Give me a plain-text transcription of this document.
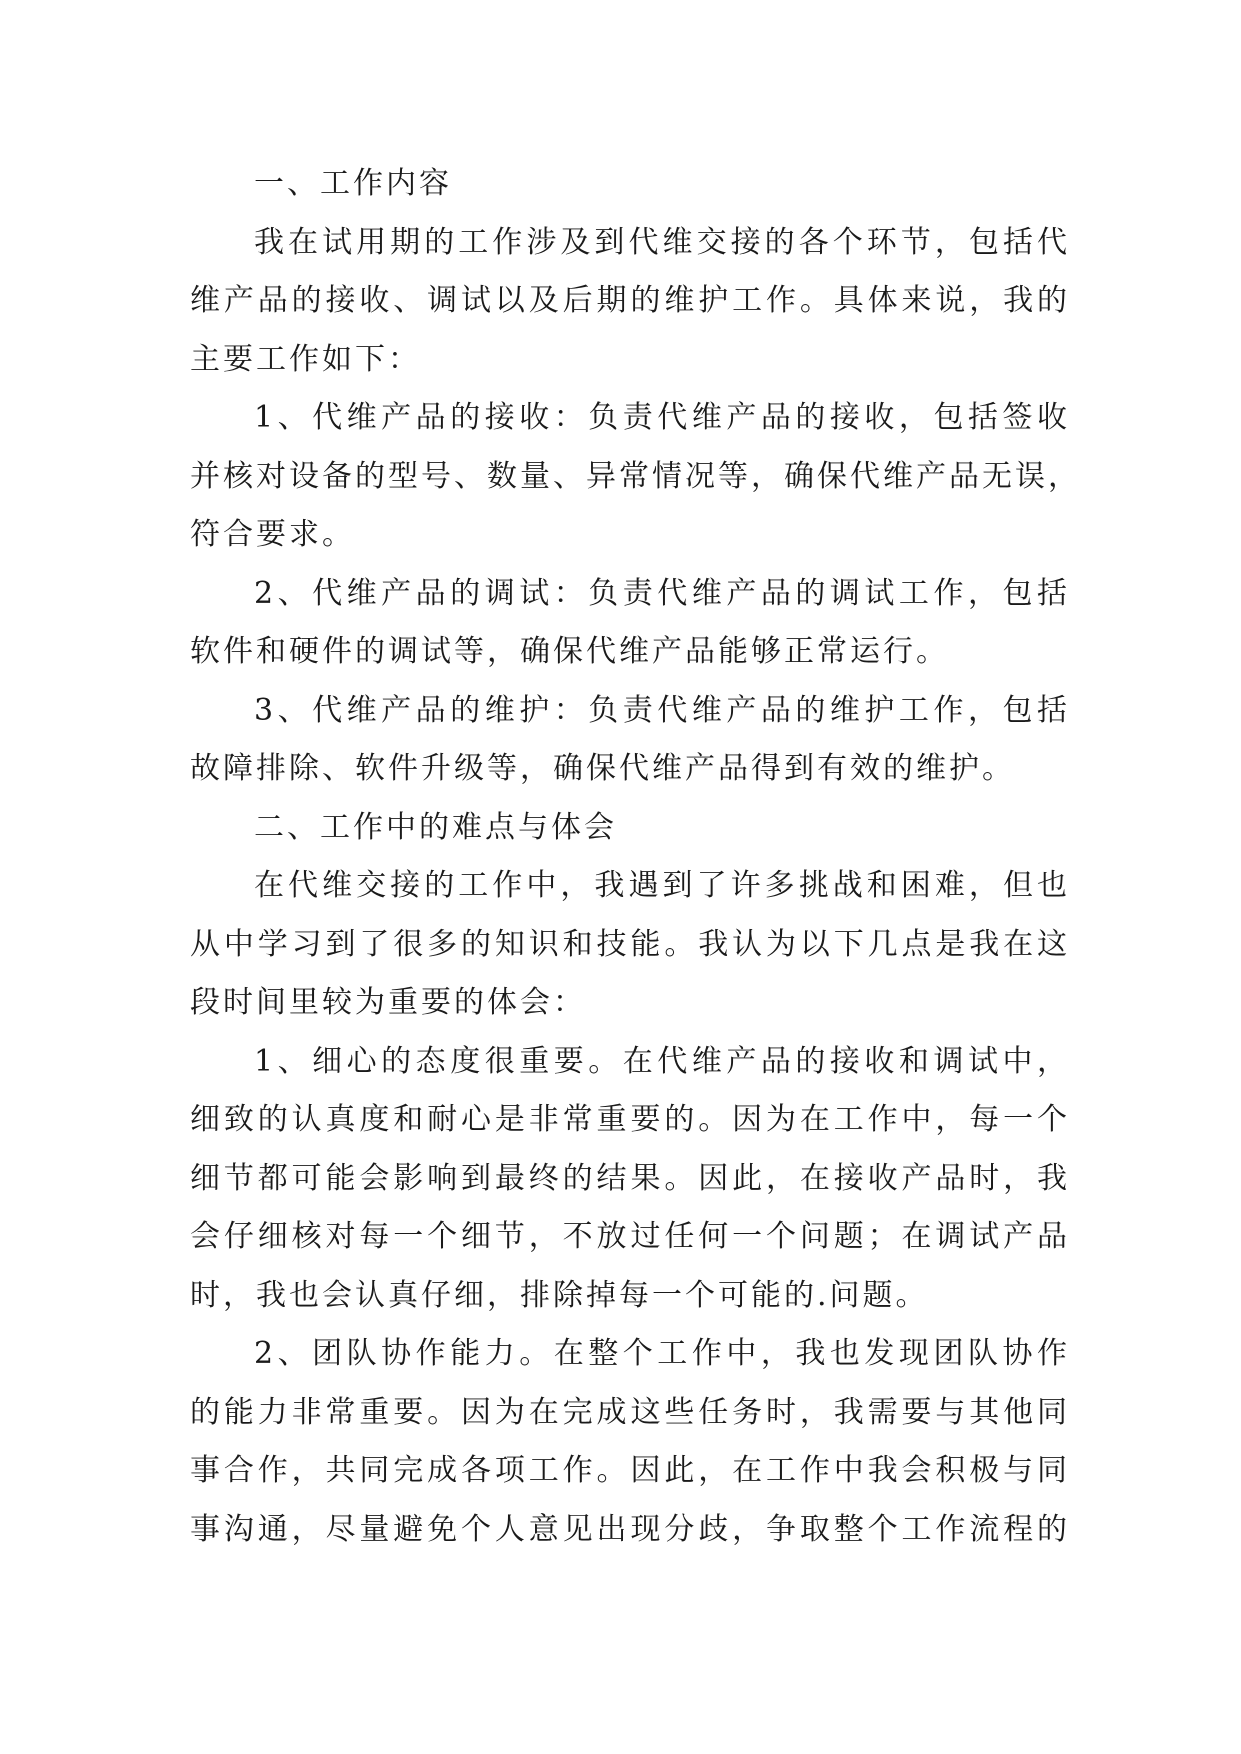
一、工作内容
我在试用期的工作涉及到代维交接的各个环节，包括代
维产品的接收、调试以及后期的维护工作。具体来说，我的
主要工作如下：
1、代维产品的接收：负责代维产品的接收，包括签收
并核对设备的型号、数量、异常情况等，确保代维产品无误，
符合要求。
2、代维产品的调试：负责代维产品的调试工作，包括
软件和硬件的调试等，确保代维产品能够正常运行。
3、代维产品的维护：负责代维产品的维护工作，包括
故障排除、软件升级等，确保代维产品得到有效的维护。
二、工作中的难点与体会
在代维交接的工作中，我遇到了许多挑战和困难，但也
从中学习到了很多的知识和技能。我认为以下几点是我在这
段时间里较为重要的体会：
1、细心的态度很重要。在代维产品的接收和调试中，
细致的认真度和耐心是非常重要的。因为在工作中，每一个
细节都可能会影响到最终的结果。因此，在接收产品时，我
会仔细核对每一个细节，不放过任何一个问题；在调试产品
时，我也会认真仔细，排除掉每一个可能的.问题。
2、团队协作能力。在整个工作中，我也发现团队协作
的能力非常重要。因为在完成这些任务时，我需要与其他同
事合作，共同完成各项工作。因此，在工作中我会积极与同
事沟通，尽量避免个人意见出现分歧，争取整个工作流程的
